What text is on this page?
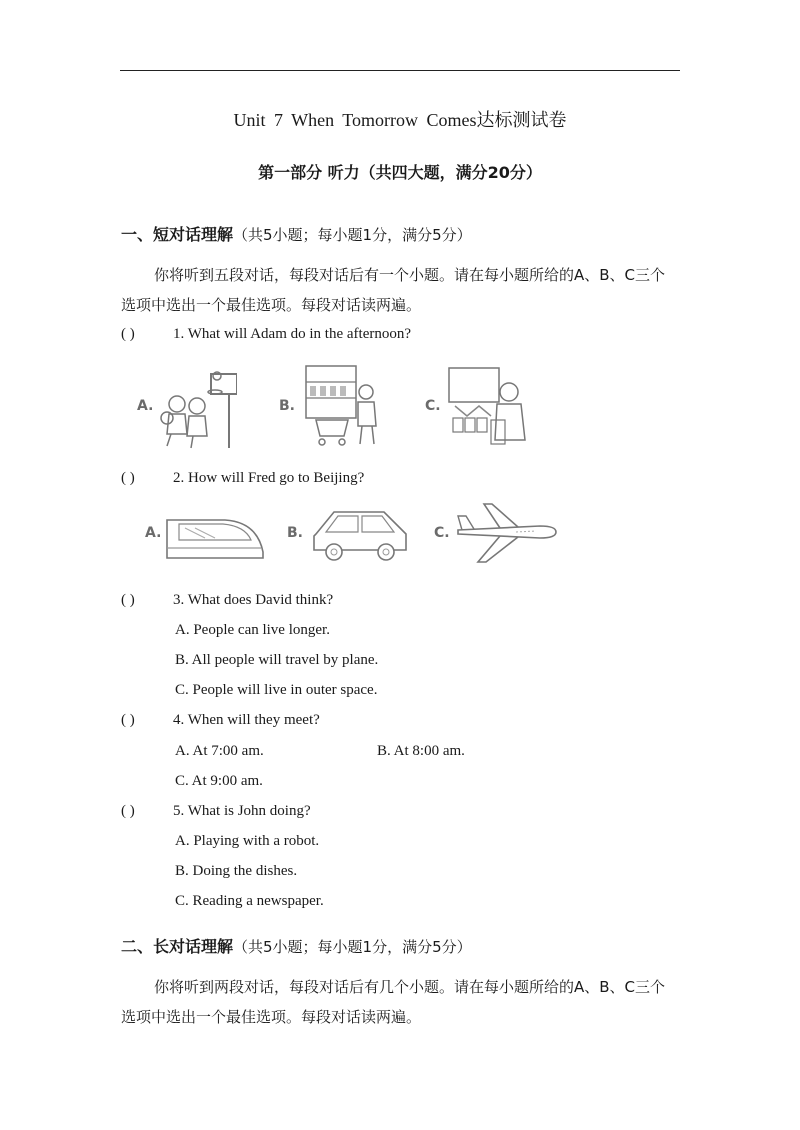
Unit 7 When Tomorrow Comes达标测试卷
第一部分 听力（共四大题，满分20分）
一、短对话理解（共5小题；每小题1分，满分5分）
你将听到五段对话，每段对话后有一个小题。请在每小题所给的A、B、C三个
选项中选出一个最佳选项。每段对话读两遍。
( )	1. What will Adam do in the afternoon?
A.	B.	C.
( )	2. How will Fred go to Beijing?
A.	B.	C.
( )	3. What does David think?
A. People can live longer.
B. All people will travel by plane.
C. People will live in outer space.
( )	4. When will they meet?
A. At 7:00 am.	B. At 8:00 am.
C. At 9:00 am.
( )	5. What is John doing?
A. Playing with a robot.
B. Doing the dishes.
C. Reading a newspaper.
二、长对话理解（共5小题；每小题1分，满分5分）
你将听到两段对话，每段对话后有几个小题。请在每小题所给的A、B、C三个
选项中选出一个最佳选项。每段对话读两遍。
